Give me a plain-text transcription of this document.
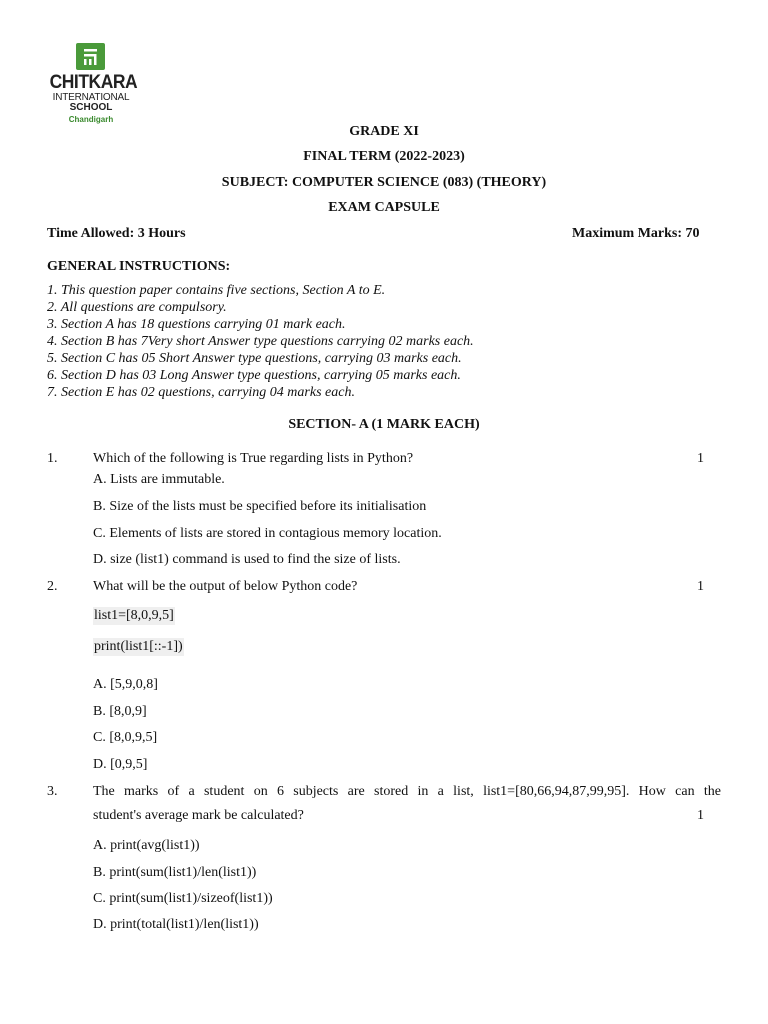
CHITKARA
INTERNATIONAL
SCHOOL
Chandigarh
GRADE XI
FINAL TERM (2022-2023)
SUBJECT: COMPUTER SCIENCE (083) (THEORY)
EXAM CAPSULE
Time Allowed: 3 Hours	Maximum Marks: 70
GENERAL INSTRUCTIONS:
1. This question paper contains five sections, Section A to E.
2. All questions are compulsory.
3. Section A has 18 questions carrying 01 mark each.
4. Section B has 7Very short Answer type questions carrying 02 marks each.
5. Section C has 05 Short Answer type questions, carrying 03 marks each.
6. Section D has 03 Long Answer type questions, carrying 05 marks each.
7. Section E has 02 questions, carrying 04 marks each.
SECTION- A (1 MARK EACH)
1.	Which of the following is True regarding lists in Python?	1
A. Lists are immutable.
B. Size of the lists must be specified before its initialisation
C. Elements of lists are stored in contagious memory location.
D. size (list1) command is used to find the size of lists.
2.	What will be the output of below Python code?	1
list1=[8,0,9,5]
print(list1[::-1])
A. [5,9,0,8]
B. [8,0,9]
C. [8,0,9,5]
D. [0,9,5]
3.	The marks of a student on 6 subjects are stored in a list, list1=[80,66,94,87,99,95]. How can the
student's average mark be calculated?	1
A. print(avg(list1))
B. print(sum(list1)/len(list1))
C. print(sum(list1)/sizeof(list1))
D. print(total(list1)/len(list1))
